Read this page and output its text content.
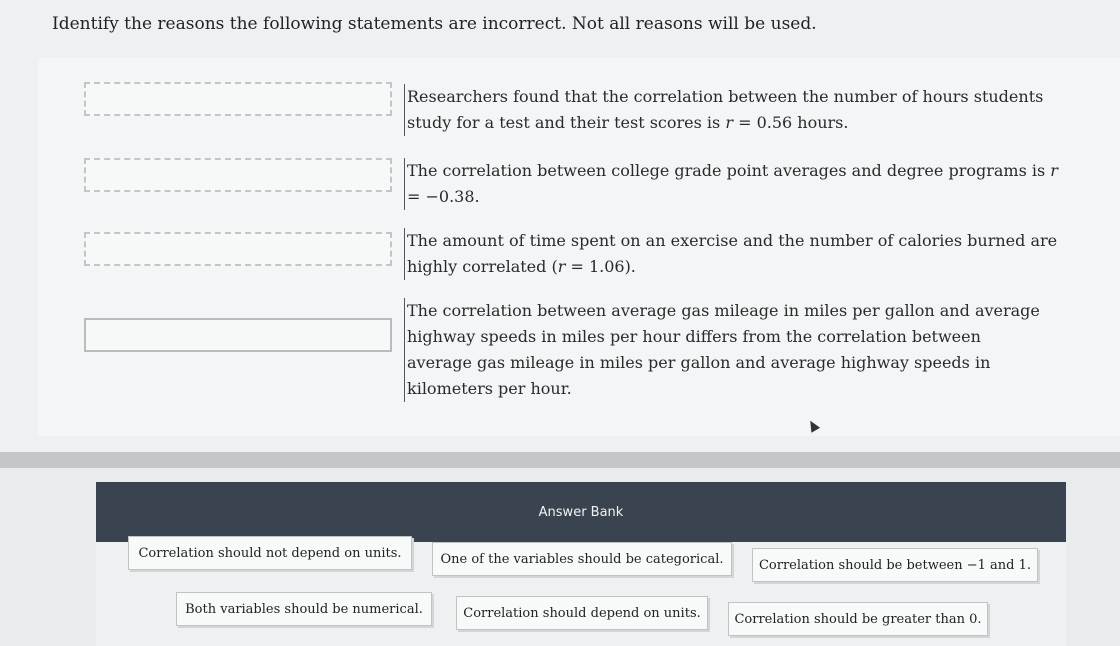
Identify the reasons the following statements are incorrect. Not all reasons will be used.
Researchers found that the correlation between the number of hours students study for a test and their test scores is r = 0.56 hours.
The correlation between college grade point averages and degree programs is r = −0.38.
The amount of time spent on an exercise and the number of calories burned are highly correlated (r = 1.06).
The correlation between average gas mileage in miles per gallon and average highway speeds in miles per hour differs from the correlation between average gas mileage in miles per gallon and average highway speeds in kilometers per hour.
Answer Bank
Correlation should not depend on units.	One of the variables should be categorical.	Correlation should be between −1 and 1.
Both variables should be numerical.	Correlation should depend on units.	Correlation should be greater than 0.
